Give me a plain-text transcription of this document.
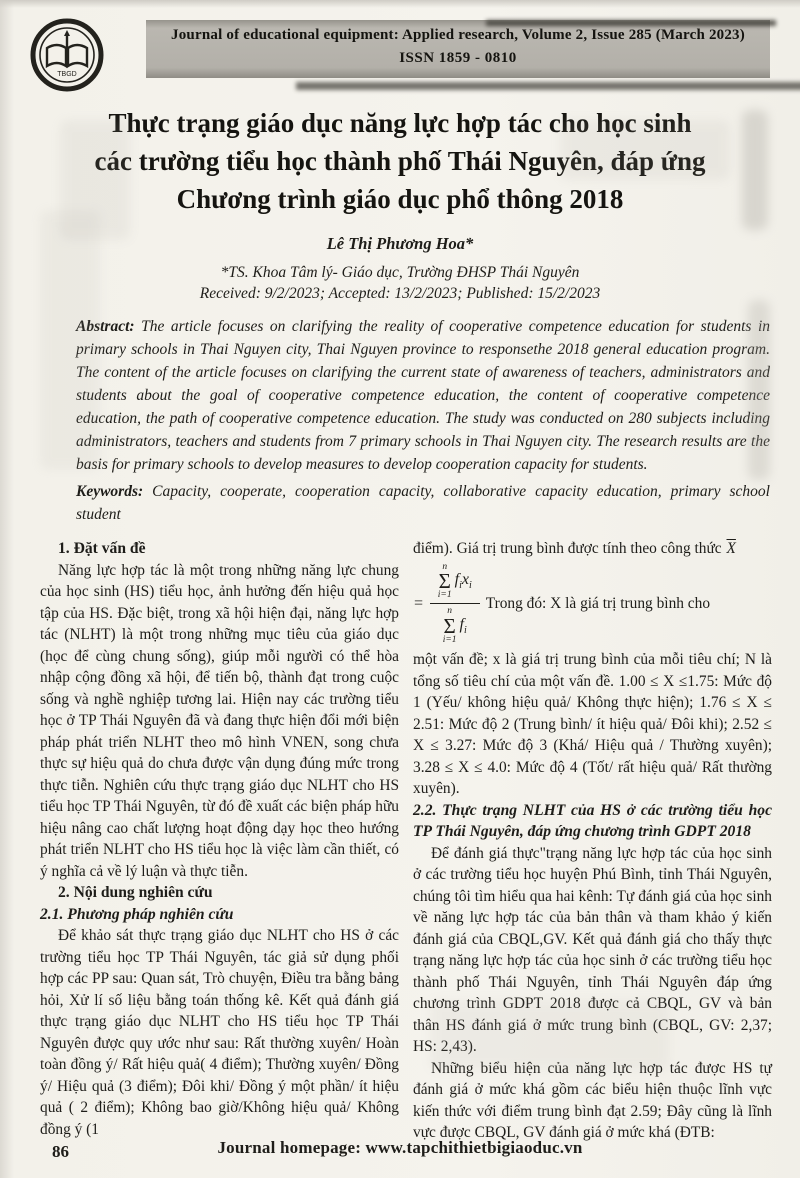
TBGD
Journal of educational equipment: Applied research, Volume 2, Issue 285 (March 2023)
ISSN 1859 - 0810
Thực trạng giáo dục năng lực hợp tác cho học sinh
các trường tiểu học thành phố Thái Nguyên, đáp ứng
Chương trình giáo dục phổ thông 2018
Lê Thị Phương Hoa*
*TS. Khoa Tâm lý- Giáo dục, Trường ĐHSP Thái Nguyên
Received: 9/2/2023; Accepted: 13/2/2023; Published: 15/2/2023

Abstract: The article focuses on clarifying the reality of cooperative competence education for students in primary schools in Thai Nguyen city, Thai Nguyen province to responsethe 2018 general education program. The content of the article focuses on clarifying the current state of awareness of teachers, administrators and students about the goal of cooperative competence education, the content of cooperative competence education, the path of cooperative competence education. The study was conducted on 280 subjects including administrators, teachers and students from 7 primary schools in Thai Nguyen city. The research results are the basis for primary schools to develop measures to develop cooperation capacity for students.

Keywords: Capacity, cooperate, cooperation capacity, collaborative capacity education, primary school student

1. Đặt vấn đề

Năng lực hợp tác là một trong những năng lực chung của học sinh (HS) tiểu học, ảnh hưởng đến hiệu quả học tập của HS. Đặc biệt, trong xã hội hiện đại, năng lực hợp tác (NLHT) là một trong những mục tiêu của giáo dục (học để cùng chung sống), giúp mỗi người có thể hòa nhập cộng đồng xã hội, để tiến bộ, thành đạt trong cuộc sống và nghề nghiệp tương lai. Hiện nay các trường tiểu học ở TP Thái Nguyên đã và đang thực hiện đổi mới biện pháp phát triển NLHT theo mô hình VNEN, song chưa thực sự hiệu quả do chưa được vận dụng đúng mức trong thực tiễn. Nghiên cứu thực trạng giáo dục NLHT cho HS tiểu học TP Thái Nguyên, từ đó đề xuất các biện pháp hữu hiệu nâng cao chất lượng hoạt động dạy học theo hướng phát triển NLHT cho HS tiểu học là việc làm cần thiết, có ý nghĩa cả về lý luận và thực tiễn.

2. Nội dung nghiên cứu

2.1. Phương pháp nghiên cứu

Để khảo sát thực trạng giáo dục NLHT cho HS ở các trường tiểu học TP Thái Nguyên, tác giả sử dụng phối hợp các PP sau: Quan sát, Trò chuyện, Điều tra bằng bảng hỏi, Xử lí số liệu bằng toán thống kê. Kết quả đánh giá thực trạng giáo dục NLHT cho HS tiểu học TP Thái Nguyên được quy ước như sau: Rất thường xuyên/ Hoàn toàn đồng ý/ Rất hiệu quả( 4 điểm); Thường xuyên/ Đồng ý/ Hiệu quả (3 điểm); Đôi khi/ Đồng ý một phần/ ít hiệu quả ( 2 điểm); Không bao giờ/Không hiệu quả/ Không đồng ý (1

điểm). Giá trị trung bình được tính theo công thức $\overline{X}$

=
n
Σ
i=1
$f_ix_i$
n
Σ
i=1
$f_i$
Trong đó: X là giá trị trung bình cho

một vấn đề; x là giá trị trung bình của mỗi tiêu chí; N là tổng số tiêu chí của một vấn đề. 1.00 ≤ X ≤1.75: Mức độ 1 (Yếu/ không hiệu quả/ Không thực hiện); 1.76 ≤ X ≤ 2.51: Mức độ 2 (Trung bình/ ít hiệu quả/ Đôi khi); 2.52 ≤ X ≤ 3.27: Mức độ 3 (Khá/ Hiệu quả / Thường xuyên); 3.28 ≤ X ≤ 4.0: Mức độ 4 (Tốt/ rất hiệu quả/ Rất thường xuyên).

2.2. Thực trạng NLHT của HS ở các trường tiểu học TP Thái Nguyên, đáp ứng chương trình GDPT 2018

Để đánh giá thực"trạng năng lực hợp tác của học sinh ở các trường tiểu học huyện Phú Bình, tỉnh Thái Nguyên, chúng tôi tìm hiểu qua hai kênh: Tự đánh giá của học sinh về năng lực hợp tác của bản thân và tham khảo ý kiến đánh giá của CBQL,GV. Kết quả đánh giá cho thấy thực trạng năng lực hợp tác của học sinh ở các trường tiểu học thành phố Thái Nguyên, tỉnh Thái Nguyên đáp ứng chương trình GDPT 2018 được cả CBQL, GV và bản thân HS đánh giá ở mức trung bình (CBQL, GV: 2,37; HS: 2,43).

Những biểu hiện của năng lực hợp tác được HS tự đánh giá ở mức khá gồm các biểu hiện thuộc lĩnh vực kiến thức với điểm trung bình đạt 2.59; Đây cũng là lĩnh vực được CBQL, GV đánh giá ở mức khá (ĐTB:

86	Journal homepage: www.tapchithietbigiaoduc.vn
